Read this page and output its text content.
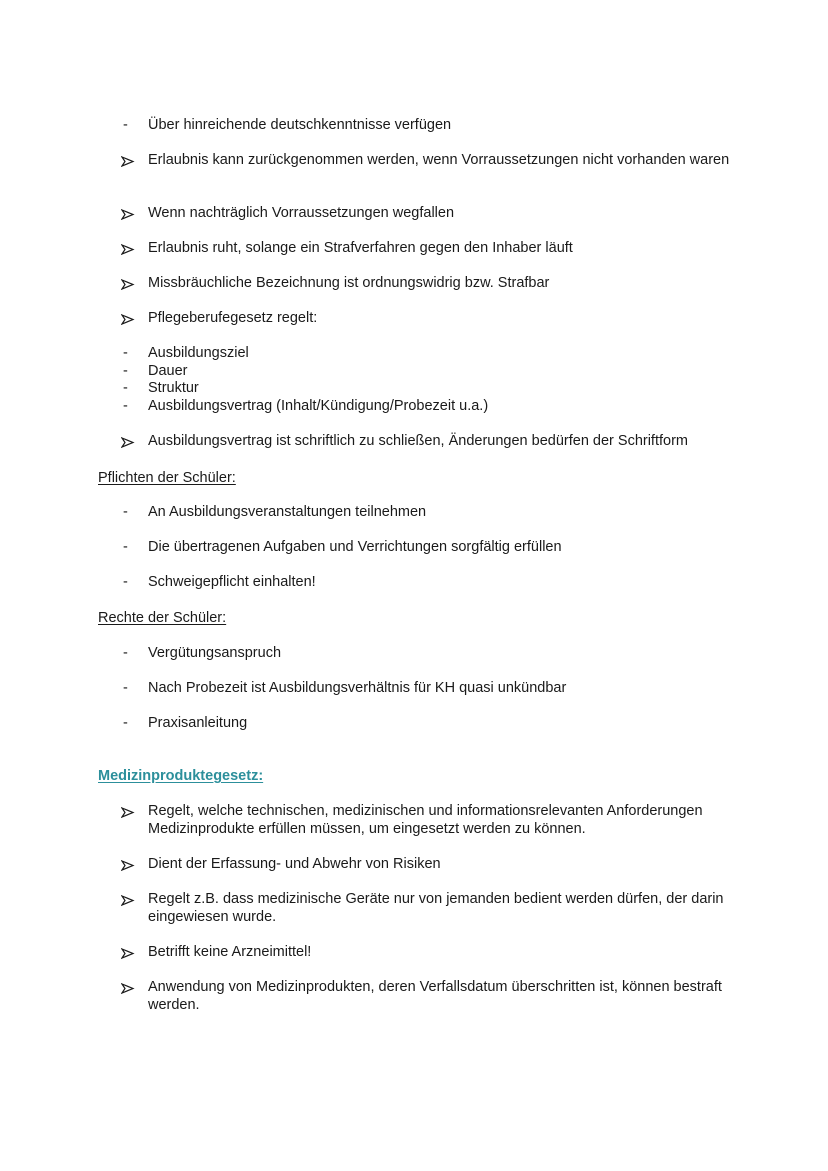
-	Über hinreichende deutschkenntnisse verfügen
Erlaubnis kann zurückgenommen werden, wenn Vorraussetzungen nicht vorhanden waren
Wenn nachträglich Vorraussetzungen wegfallen
Erlaubnis ruht, solange ein Strafverfahren gegen den Inhaber läuft
Missbräuchliche Bezeichnung ist ordnungswidrig bzw. Strafbar
Pflegeberufegesetz regelt:
-	Ausbildungsziel
-	Dauer
-	Struktur
-	Ausbildungsvertrag (Inhalt/Kündigung/Probezeit u.a.)
Ausbildungsvertrag ist schriftlich zu schließen, Änderungen bedürfen der Schriftform
Pflichten der Schüler:
-	An Ausbildungsveranstaltungen teilnehmen
-	Die übertragenen Aufgaben und Verrichtungen sorgfältig erfüllen
-	Schweigepflicht einhalten!
Rechte der Schüler:
-	Vergütungsanspruch
-	Nach Probezeit ist Ausbildungsverhältnis für KH quasi unkündbar
-	Praxisanleitung
Medizinproduktegesetz:
Regelt, welche technischen, medizinischen und informationsrelevanten Anforderungen Medizinprodukte erfüllen müssen, um eingesetzt werden zu können.
Dient der Erfassung- und Abwehr von Risiken
Regelt z.B. dass medizinische Geräte nur von jemanden bedient werden dürfen, der darin eingewiesen wurde.
Betrifft keine Arzneimittel!
Anwendung von Medizinprodukten, deren Verfallsdatum überschritten ist, können bestraft werden.
